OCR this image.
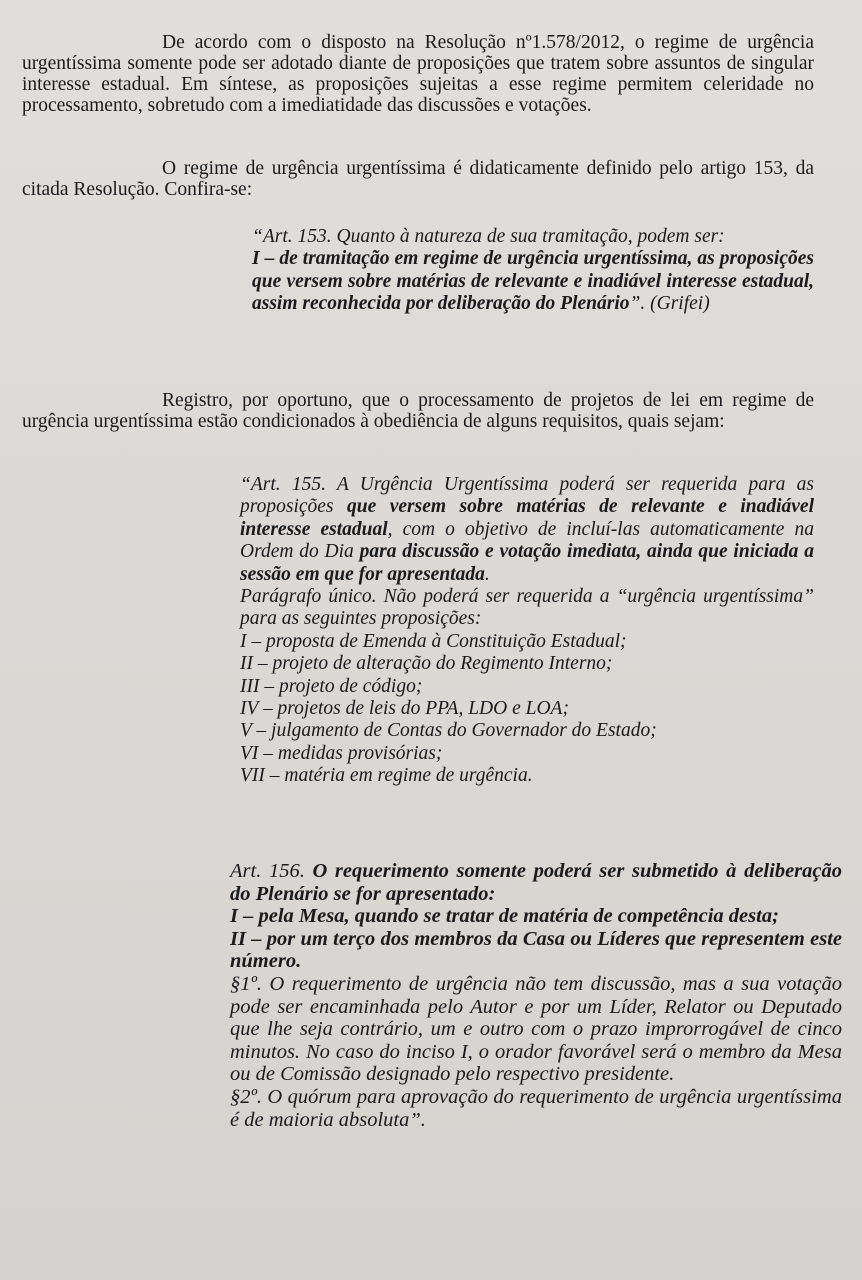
De acordo com o disposto na Resolução nº1.578/2012, o regime de urgência urgentíssima somente pode ser adotado diante de proposições que tratem sobre assuntos de singular interesse estadual. Em síntese, as proposições sujeitas a esse regime permitem celeridade no processamento, sobretudo com a imediatidade das discussões e votações.
O regime de urgência urgentíssima é didaticamente definido pelo artigo 153, da citada Resolução. Confira-se:
“Art. 153. Quanto à natureza de sua tramitação, podem ser:
I – de tramitação em regime de urgência urgentíssima, as proposições que versem sobre matérias de relevante e inadiável interesse estadual, assim reconhecida por deliberação do Plenário”. (Grifei)
Registro, por oportuno, que o processamento de projetos de lei em regime de urgência urgentíssima estão condicionados à obediência de alguns requisitos, quais sejam:
“Art. 155. A Urgência Urgentíssima poderá ser requerida para as proposições que versem sobre matérias de relevante e inadiável interesse estadual, com o objetivo de incluí-las automaticamente na Ordem do Dia para discussão e votação imediata, ainda que iniciada a sessão em que for apresentada.
Parágrafo único. Não poderá ser requerida a “urgência urgentíssima” para as seguintes proposições:
I – proposta de Emenda à Constituição Estadual;
II – projeto de alteração do Regimento Interno;
III – projeto de código;
IV – projetos de leis do PPA, LDO e LOA;
V – julgamento de Contas do Governador do Estado;
VI – medidas provisórias;
VII – matéria em regime de urgência.
Art. 156. O requerimento somente poderá ser submetido à deliberação do Plenário se for apresentado:
I – pela Mesa, quando se tratar de matéria de competência desta;
II – por um terço dos membros da Casa ou Líderes que representem este número.
§1º. O requerimento de urgência não tem discussão, mas a sua votação pode ser encaminhada pelo Autor e por um Líder, Relator ou Deputado que lhe seja contrário, um e outro com o prazo improrrogável de cinco minutos. No caso do inciso I, o orador favorável será o membro da Mesa ou de Comissão designado pelo respectivo presidente.
§2º. O quórum para aprovação do requerimento de urgência urgentíssima é de maioria absoluta”.
